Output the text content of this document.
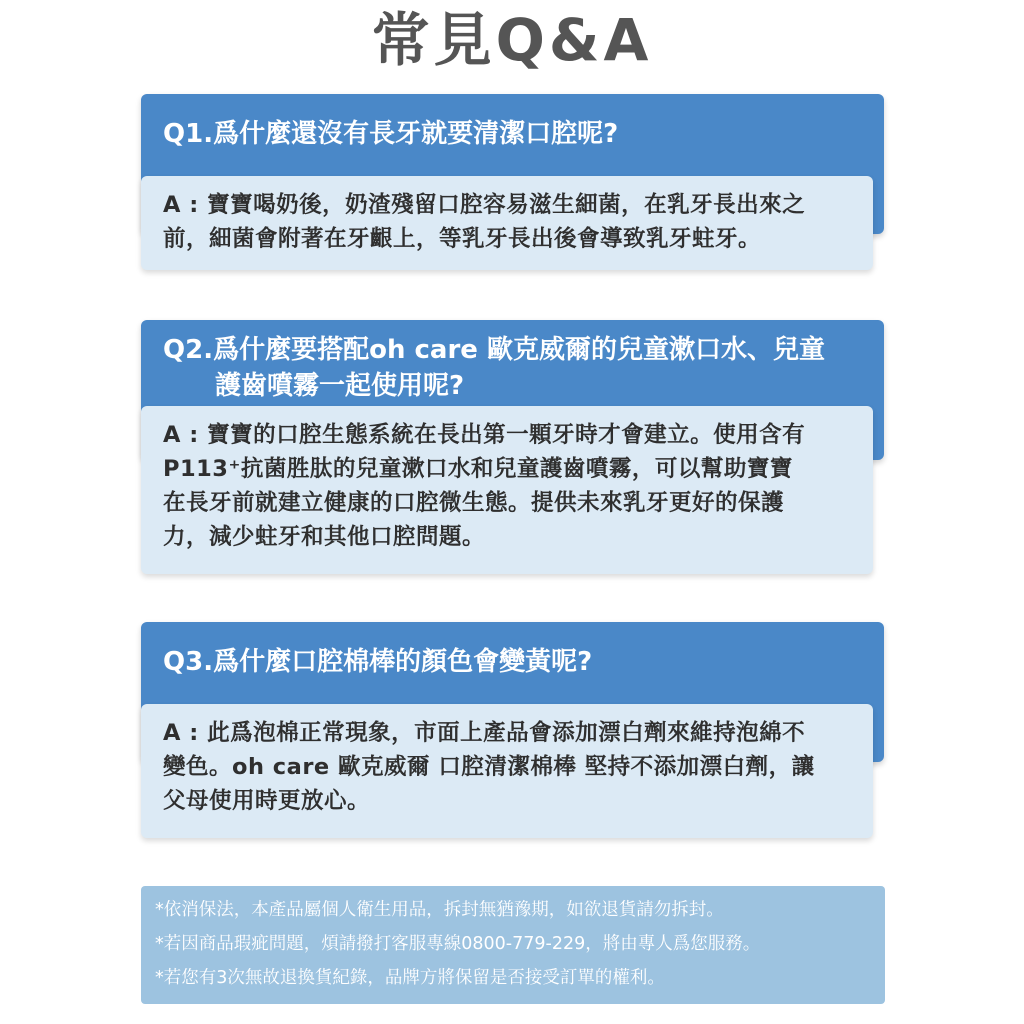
常見Q&A
Q1.爲什麼還沒有長牙就要清潔口腔呢?
A : 寶寶喝奶後，奶渣殘留口腔容易滋生細菌，在乳牙長出來之
前，細菌會附著在牙齦上，等乳牙長出後會導致乳牙蛀牙。
Q2.爲什麼要搭配oh care 歐克威爾的兒童漱口水、兒童
護齒噴霧一起使用呢?
A : 寶寶的口腔生態系統在長出第一顆牙時才會建立。使用含有
P113⁺抗菌胜肽的兒童漱口水和兒童護齒噴霧，可以幫助寶寶
在長牙前就建立健康的口腔微生態。提供未來乳牙更好的保護
力，減少蛀牙和其他口腔問題。
Q3.爲什麼口腔棉棒的顏色會變黃呢?
A : 此爲泡棉正常現象，市面上產品會添加漂白劑來維持泡綿不
變色。oh care 歐克威爾 口腔清潔棉棒 堅持不添加漂白劑，讓
父母使用時更放心。
*依消保法，本產品屬個人衛生用品，拆封無猶豫期，如欲退貨請勿拆封。
*若因商品瑕疵問題，煩請撥打客服專線0800-779-229，將由專人爲您服務。
*若您有3次無故退換貨紀錄，品牌方將保留是否接受訂單的權利。
